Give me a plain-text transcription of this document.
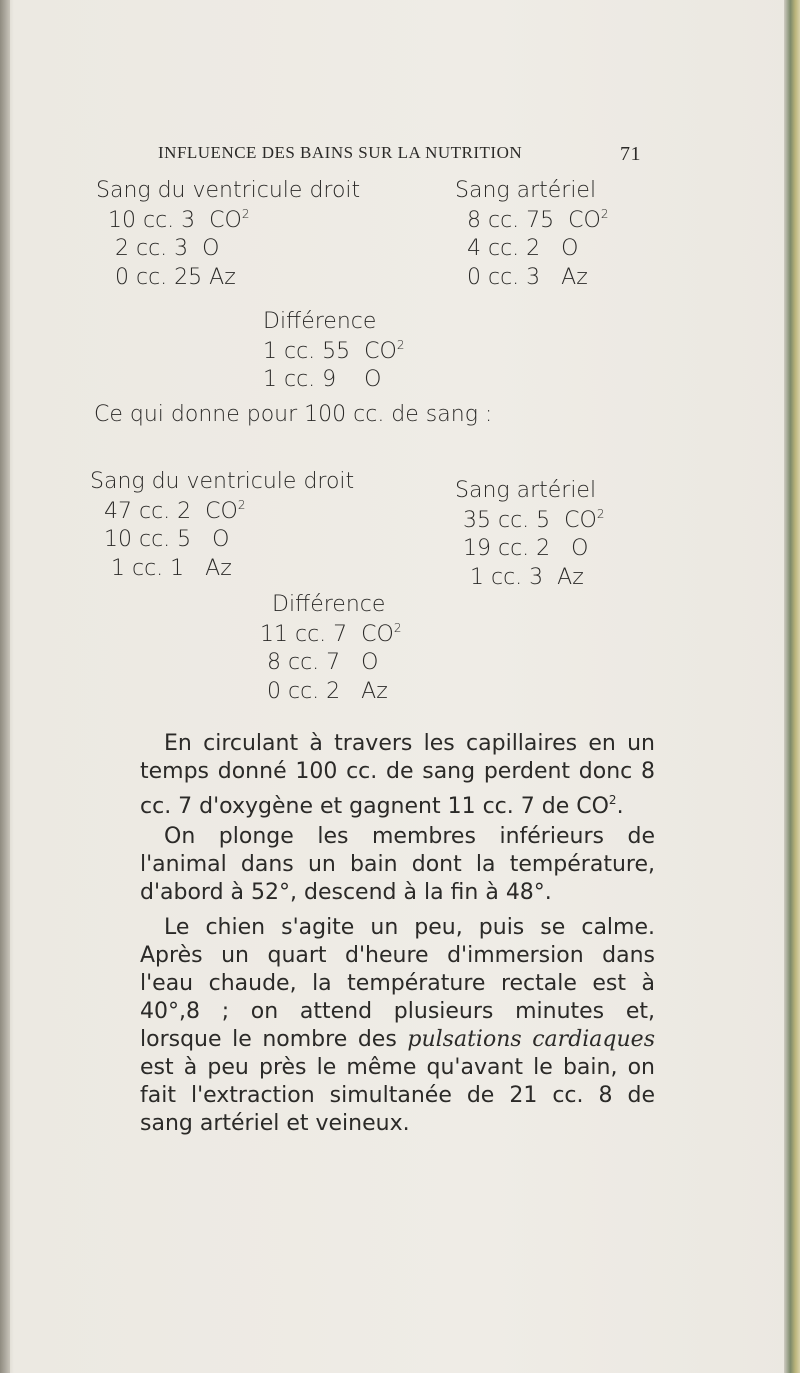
INFLUENCE DES BAINS SUR LA NUTRITION	71
Sang du ventricule droit
10 cc. 3 $CO^2$
2 cc. 3 O
0 cc. 25 Az
Sang artériel
8 cc. 75 $CO^2$
4 cc. 2 O
0 cc. 3 Az
Différence
1 cc. 55 $CO^2$
1 cc. 9 O
Ce qui donne pour 100 cc. de sang :
Sang du ventricule droit
47 cc. 2 $CO^2$
10 cc. 5 O
1 cc. 1 Az
Sang artériel
35 cc. 5 $CO^2$
19 cc. 2 O
1 cc. 3 Az
Différence
11 cc. 7 $CO^2$
8 cc. 7 O
0 cc. 2 Az

En circulant à travers les capillaires en un temps donné 100 cc. de sang perdent donc 8 cc. 7 d'oxygène et gagnent 11 cc. 7 de $CO^2$.

On plonge les membres inférieurs de l'animal dans un bain dont la température, d'abord à 52°, descend à la fin à 48°.

Le chien s'agite un peu, puis se calme. Après un quart d'heure d'immersion dans l'eau chaude, la température rectale est à 40°,8 ; on attend plusieurs minutes et, lorsque le nombre des pulsations cardiaques est à peu près le même qu'avant le bain, on fait l'extraction simultanée de 21 cc. 8 de sang artériel et veineux.
